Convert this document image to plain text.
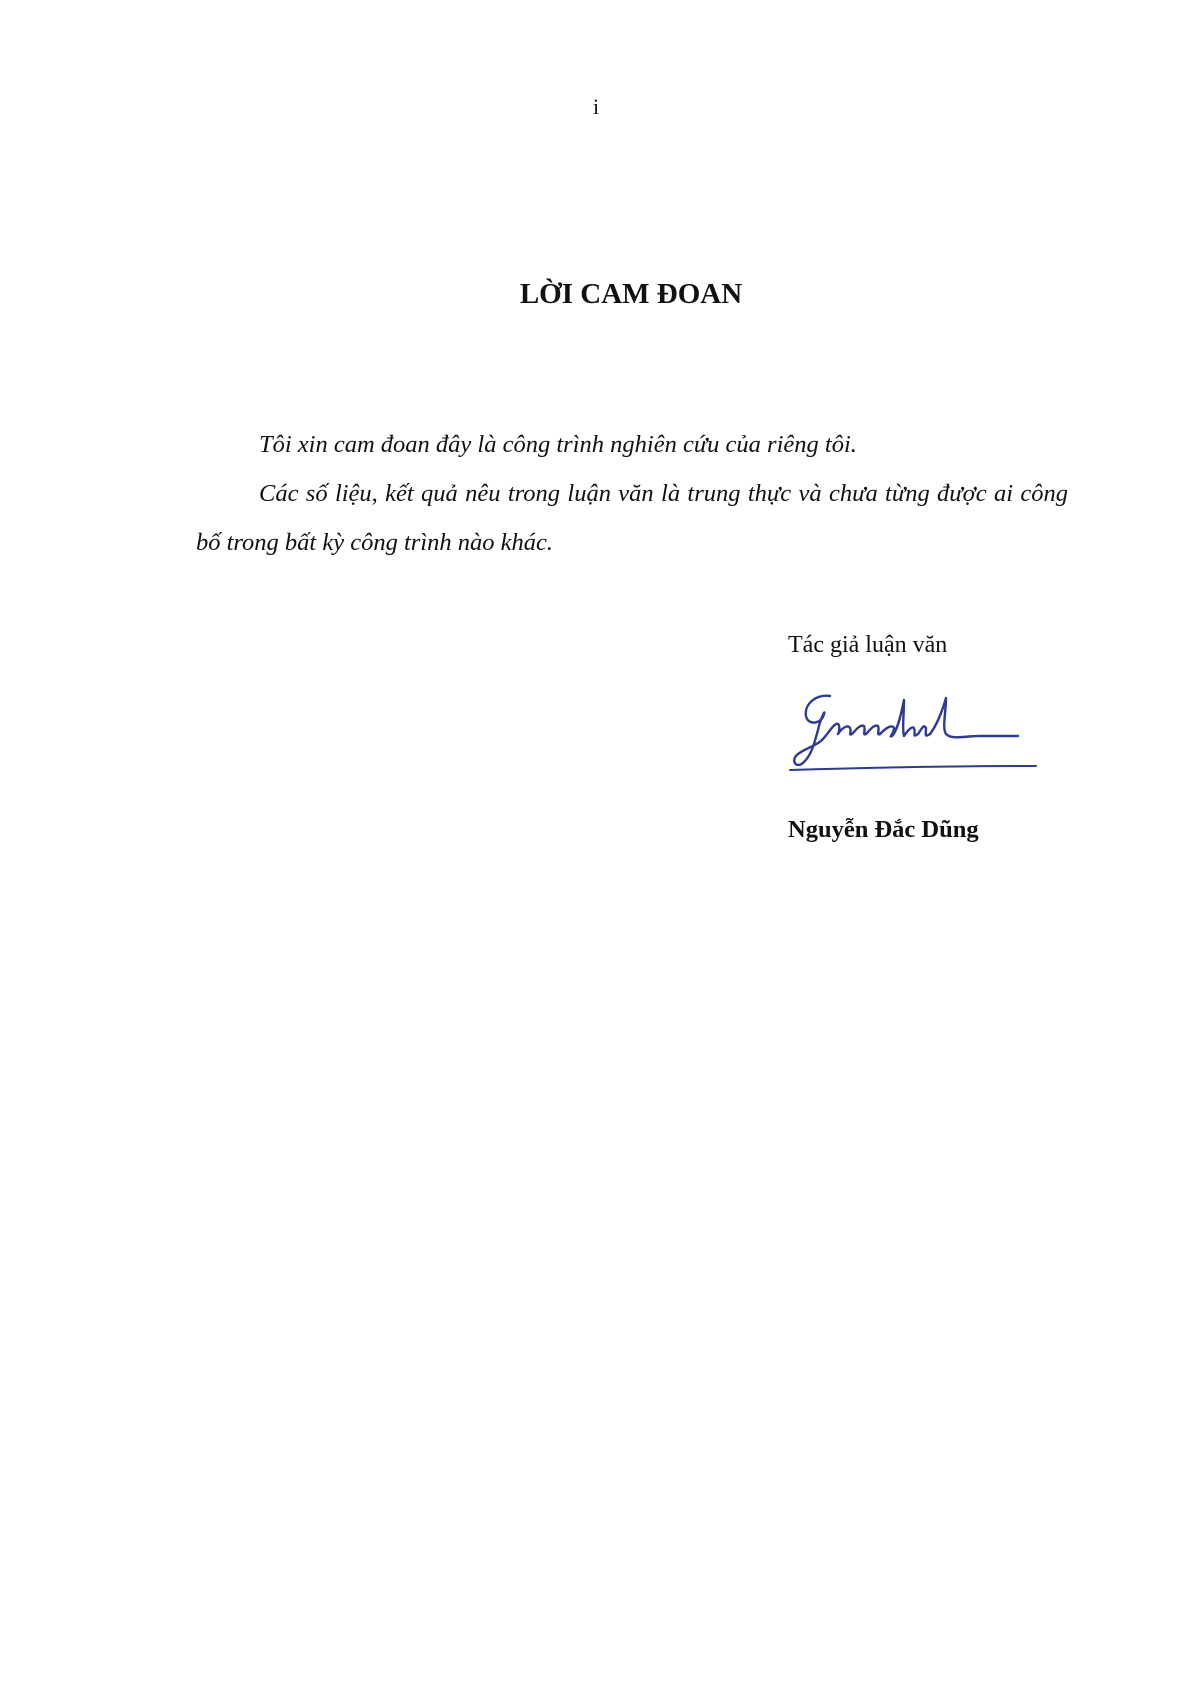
i
LỜI CAM ĐOAN

Tôi xin cam đoan đây là công trình nghiên cứu của riêng tôi.

Các số liệu, kết quả nêu trong luận văn là trung thực và chưa từng được ai công bố trong bất kỳ công trình nào khác.

Tác giả luận văn
Nguyễn Đắc Dũng
